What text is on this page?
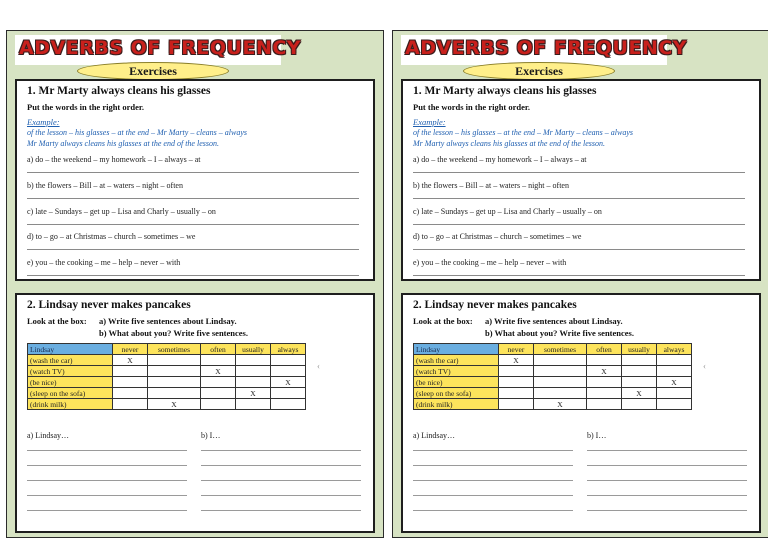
ADVERBS OF FREQUENCY
Exercises
1. Mr Marty always cleans his glasses
Put the words in the right order.
Example:
of the lesson – his glasses – at the end – Mr Marty – cleans – always
Mr Marty always cleans his glasses at the end of the lesson.
a) do – the weekend – my homework – I – always – at
b) the flowers – Bill – at – waters – night – often
c) late – Sundays – get up – Lisa and Charly – usually – on
d) to – go – at Christmas – church – sometimes – we
e) you – the cooking – me – help – never – with
2. Lindsay never makes pancakes
Look at the box: a) Write five sentences about Lindsay.
b) What about you? Write five sentences.
Lindsay	never	sometimes	often	usually	always
(wash the car)	X				
(watch TV)			X		
(be nice)					X
(sleep on the sofa)				X	
(drink milk)		X			
‹
a) Lindsay…	b) I…
ADVERBS OF FREQUENCY
Exercises
1. Mr Marty always cleans his glasses
Put the words in the right order.
Example:
of the lesson – his glasses – at the end – Mr Marty – cleans – always
Mr Marty always cleans his glasses at the end of the lesson.
a) do – the weekend – my homework – I – always – at
b) the flowers – Bill – at – waters – night – often
c) late – Sundays – get up – Lisa and Charly – usually – on
d) to – go – at Christmas – church – sometimes – we
e) you – the cooking – me – help – never – with
2. Lindsay never makes pancakes
Look at the box: a) Write five sentences about Lindsay.
b) What about you? Write five sentences.
Lindsay	never	sometimes	often	usually	always
(wash the car)	X				
(watch TV)			X		
(be nice)					X
(sleep on the sofa)				X	
(drink milk)		X			
‹
a) Lindsay…	b) I…
